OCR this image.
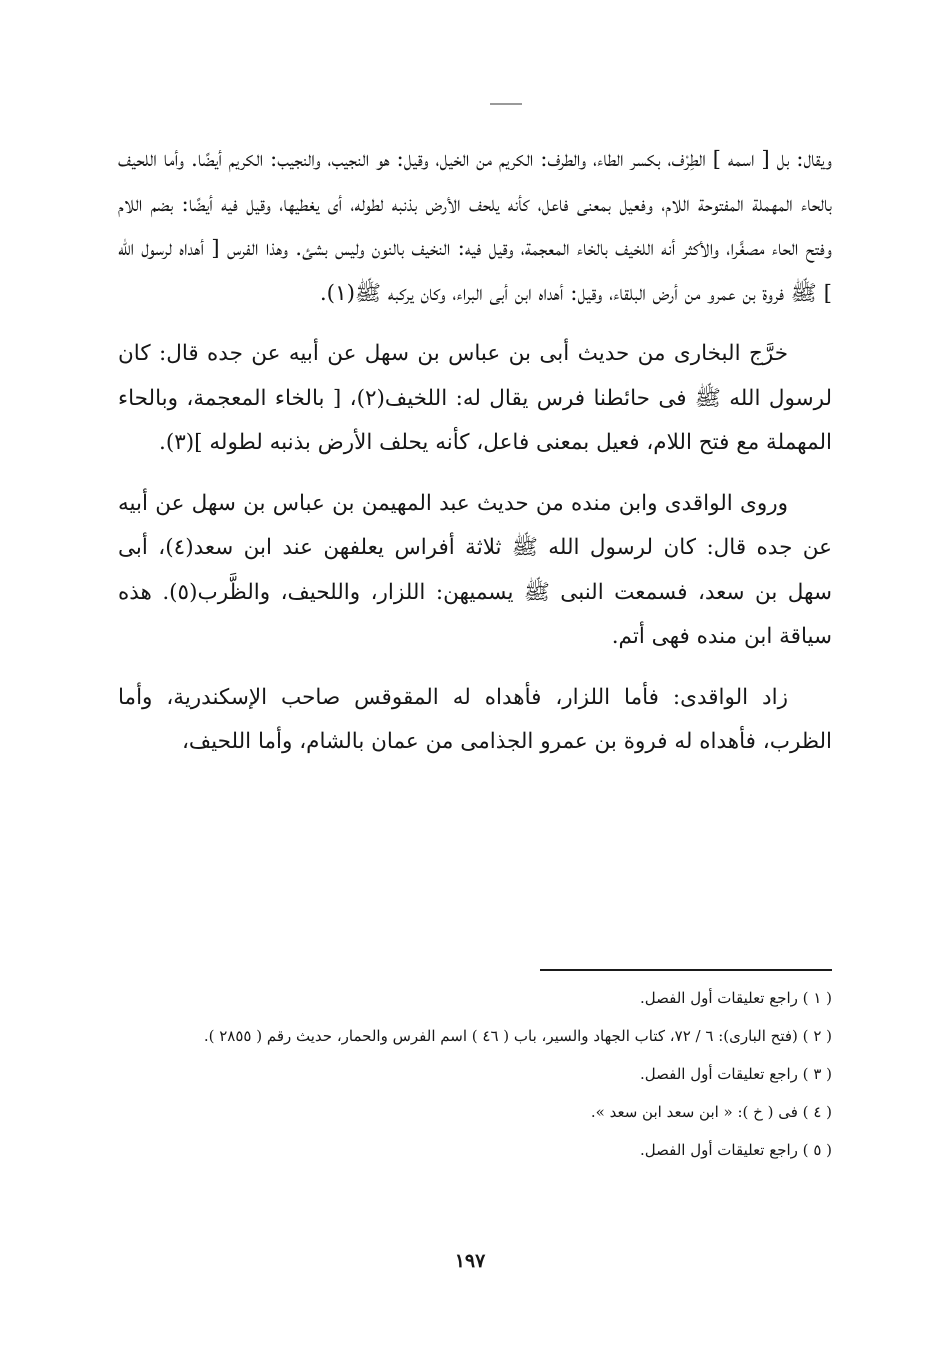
ويقال: بل [ اسمه ] الطِرْف، بكسر الطاء، والطرف: الكريم من الخيل، وقيل: هو النجيب، والنجيب: الكريم أيضًا. وأما اللحيف بالحاء المهملة المفتوحة اللام، وفعيل بمعنى فاعل، كأنه يلحف الأرض بذنبه لطوله، أى يغطيها، وقيل فيه أيضًا: بضم اللام وفتح الحاء مصغَّرا، والأكثر أنه اللخيف بالخاء المعجمة، وقيل فيه: النخيف بالنون وليس بشئ. وهذا الفرس [ أهداه لرسول الله ] ﷺ فروة بن عمرو من أرض البلقاء، وقيل: أهداه ابن أبى البراء، وكان يركبه ﷺ(١).

خرَّج البخارى من حديث أبى بن عباس بن سهل عن أبيه عن جده قال: كان لرسول الله ﷺ فى حائطنا فرس يقال له: اللخيف(٢)، [ بالخاء المعجمة، وبالحاء المهملة مع فتح اللام، فعيل بمعنى فاعل، كأنه يحلف الأرض بذنبه لطوله ](٣).

وروى الواقدى وابن منده من حديث عبد المهيمن بن عباس بن سهل عن أبيه عن جده قال: كان لرسول الله ﷺ ثلاثة أفراس يعلفهن عند ابن سعد(٤)، أبى سهل بن سعد، فسمعت النبى ﷺ يسميهن: اللزار، واللحيف، والظَّرب(٥). هذه سياقة ابن منده فهى أتم.

زاد الواقدى: فأما اللزار، فأهداه له المقوقس صاحب الإسكندرية، وأما الظرب، فأهداه له فروة بن عمرو الجذامى من عمان بالشام، وأما اللحيف،

( ١ ) راجع تعليقات أول الفصل.
( ٢ ) (فتح البارى): ٦ / ٧٢، كتاب الجهاد والسير، باب ( ٤٦ ) اسم الفرس والحمار، حديث رقم ( ٢٨٥٥ ).
( ٣ ) راجع تعليقات أول الفصل.
( ٤ ) فى ( خ ): « ابن سعد ابن سعد ».
( ٥ ) راجع تعليقات أول الفصل.
١٩٧
